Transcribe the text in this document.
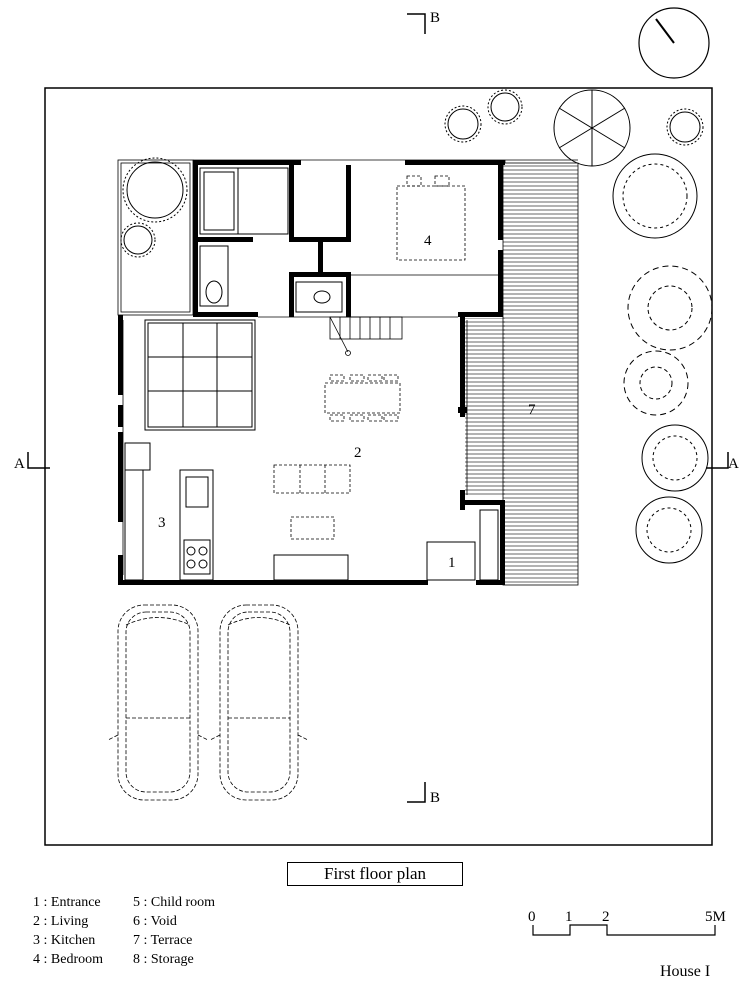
B
B
A	A
1
2
3
4
7
0 1 2	5M
First floor plan
1 : Entrance
2 : Living
3 : Kitchen
4 : Bedroom
5 : Child room
6 : Void
7 : Terrace
8 : Storage
House I
